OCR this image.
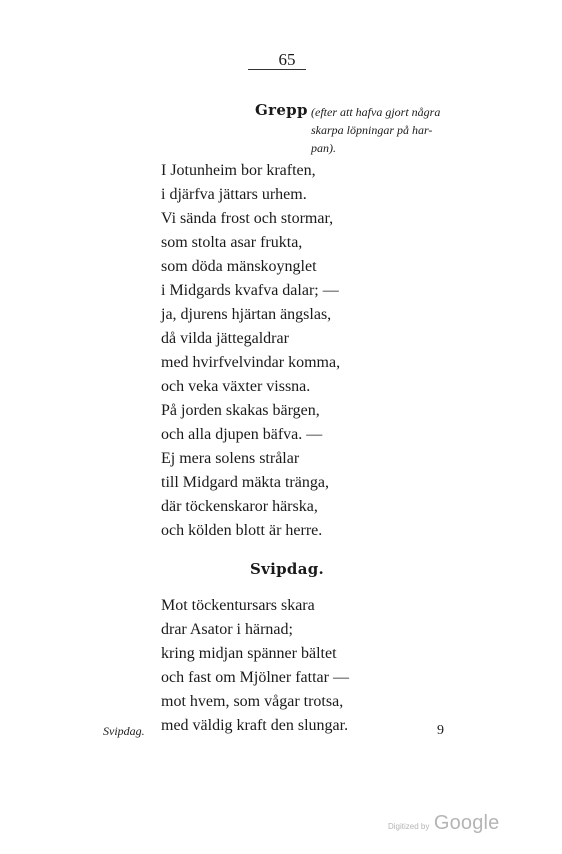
65
Grepp (efter att hafva gjort några
skarpa löpningar på har-
pan).
I Jotunheim bor kraften,
i djärfva jättars urhem.
Vi sända frost och stormar,
som stolta asar frukta,
som döda mänskoynglet
i Midgards kvafva dalar; —
ja, djurens hjärtan ängslas,
då vilda jättegaldrar
med hvirfvelvindar komma,
och veka växter vissna.
På jorden skakas bärgen,
och alla djupen bäfva. —
Ej mera solens strålar
till Midgard mäkta tränga,
där töckenskaror härska,
och kölden blott är herre.
Svipdag.
Mot töckentursars skara
drar Asator i härnad;
kring midjan spänner bältet
och fast om Mjölner fattar —
mot hvem, som vågar trotsa,
med väldig kraft den slungar.
Svipdag.	9
Digitized by Google
